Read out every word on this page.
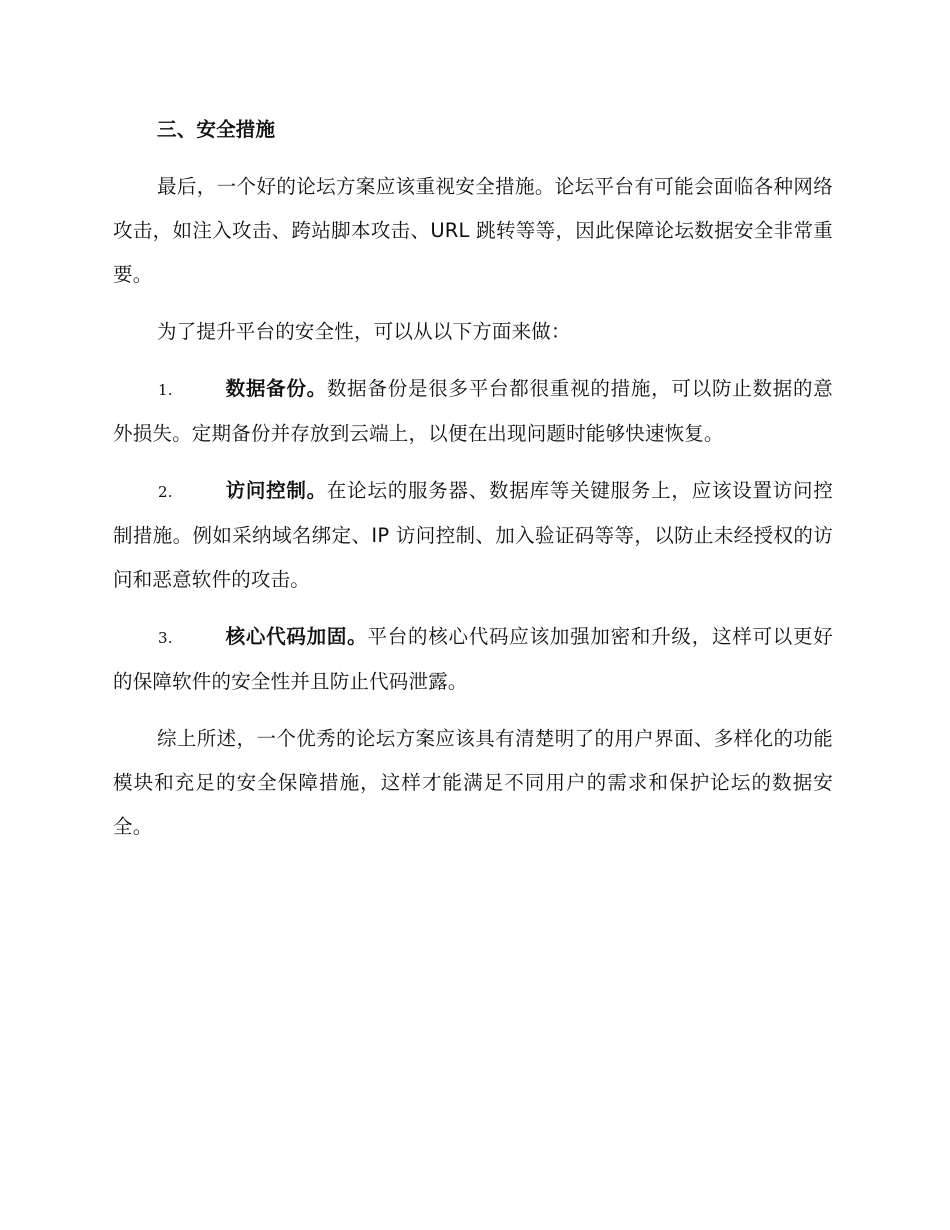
三、安全措施

最后，一个好的论坛方案应该重视安全措施。论坛平台有可能会面临各种网络攻击，如注入攻击、跨站脚本攻击、URL 跳转等等，因此保障论坛数据安全非常重要。

为了提升平台的安全性，可以从以下方面来做：

1.	数据备份。数据备份是很多平台都很重视的措施，可以防止数据的意外损失。定期备份并存放到云端上，以便在出现问题时能够快速恢复。

2.	访问控制。在论坛的服务器、数据库等关键服务上，应该设置访问控制措施。例如采纳域名绑定、IP 访问控制、加入验证码等等，以防止未经授权的访问和恶意软件的攻击。

3.	核心代码加固。平台的核心代码应该加强加密和升级，这样可以更好的保障软件的安全性并且防止代码泄露。

综上所述，一个优秀的论坛方案应该具有清楚明了的用户界面、多样化的功能模块和充足的安全保障措施，这样才能满足不同用户的需求和保护论坛的数据安全。
